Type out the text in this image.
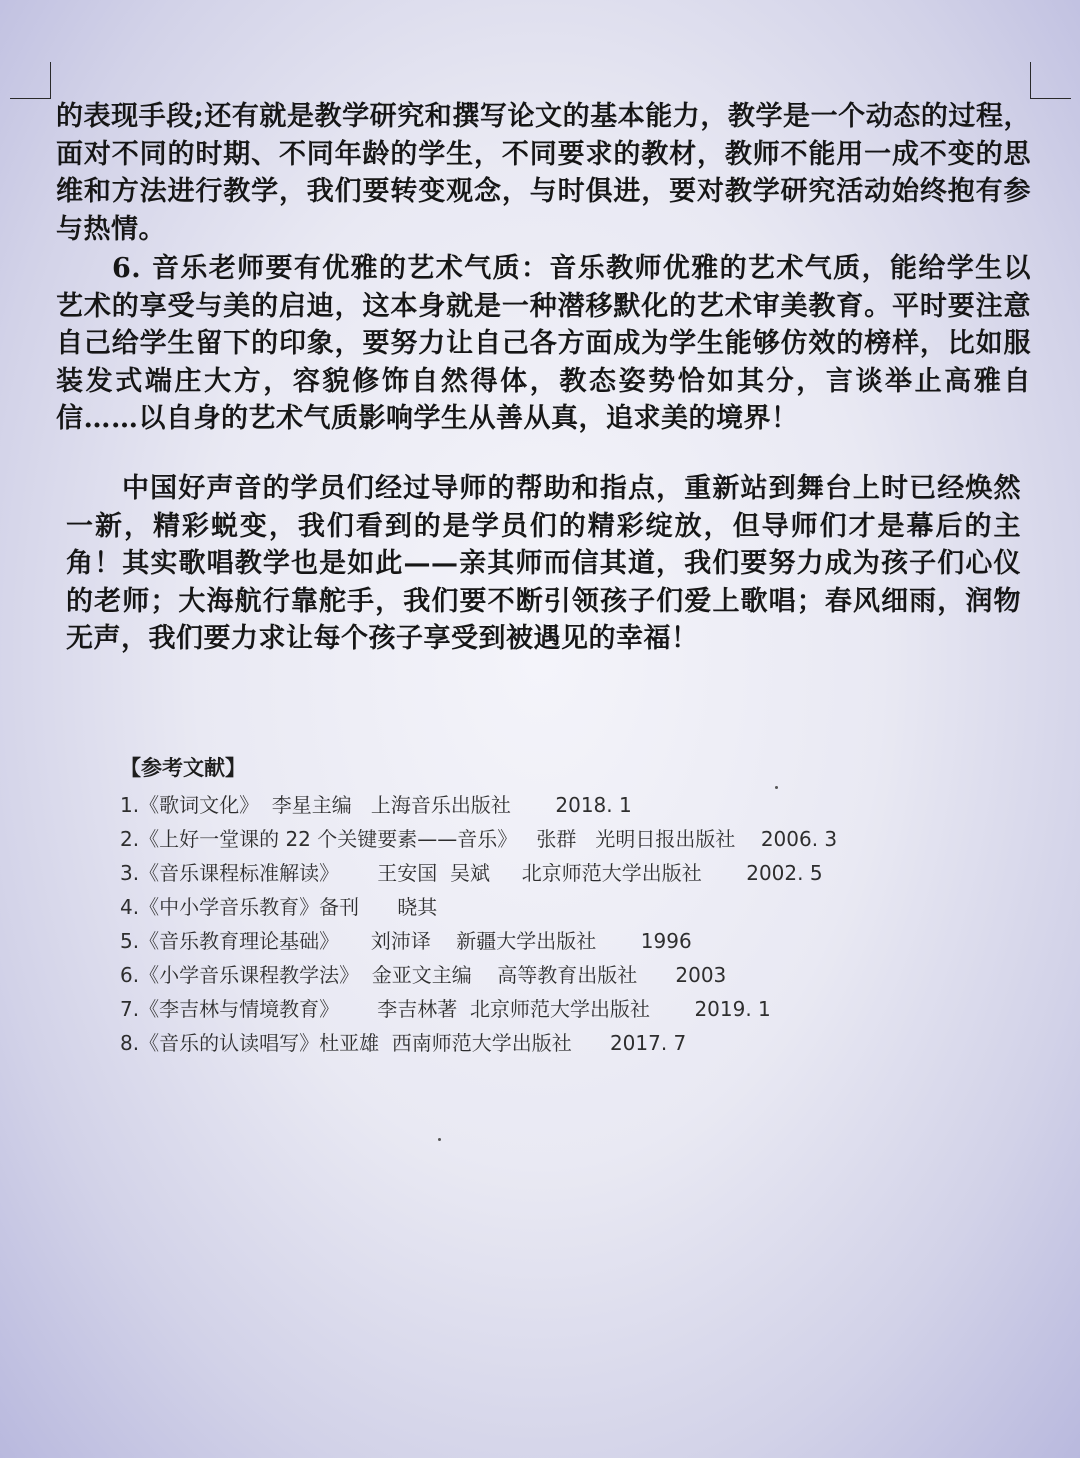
的表现手段;还有就是教学研究和撰写论文的基本能力，教学是一个动态的过程，面对不同的时期、不同年龄的学生，不同要求的教材，教师不能用一成不变的思维和方法进行教学，我们要转变观念，与时俱进，要对教学研究活动始终抱有参与热情。

6. 音乐老师要有优雅的艺术气质：音乐教师优雅的艺术气质，能给学生以艺术的享受与美的启迪，这本身就是一种潜移默化的艺术审美教育。平时要注意自己给学生留下的印象，要努力让自己各方面成为学生能够仿效的榜样，比如服装发式端庄大方，容貌修饰自然得体，教态姿势恰如其分，言谈举止高雅自信……以自身的艺术气质影响学生从善从真，追求美的境界！

中国好声音的学员们经过导师的帮助和指点，重新站到舞台上时已经焕然一新，精彩蜕变，我们看到的是学员们的精彩绽放，但导师们才是幕后的主角！其实歌唱教学也是如此——亲其师而信其道，我们要努力成为孩子们心仪的老师；大海航行靠舵手，我们要不断引领孩子们爱上歌唱；春风细雨，润物无声，我们要力求让每个孩子享受到被遇见的幸福！

【参考文献】
1.《歌词文化》  李星主编   上海音乐出版社       2018. 1
2.《上好一堂课的 22 个关键要素——音乐》   张群   光明日报出版社    2006. 3
3.《音乐课程标准解读》      王安国  吴斌     北京师范大学出版社       2002. 5
4.《中小学音乐教育》备刊      晓其
5.《音乐教育理论基础》     刘沛译    新疆大学出版社       1996
6.《小学音乐课程教学法》  金亚文主编    高等教育出版社      2003
7.《李吉林与情境教育》      李吉林著  北京师范大学出版社       2019. 1
8.《音乐的认读唱写》杜亚雄  西南师范大学出版社      2017. 7
